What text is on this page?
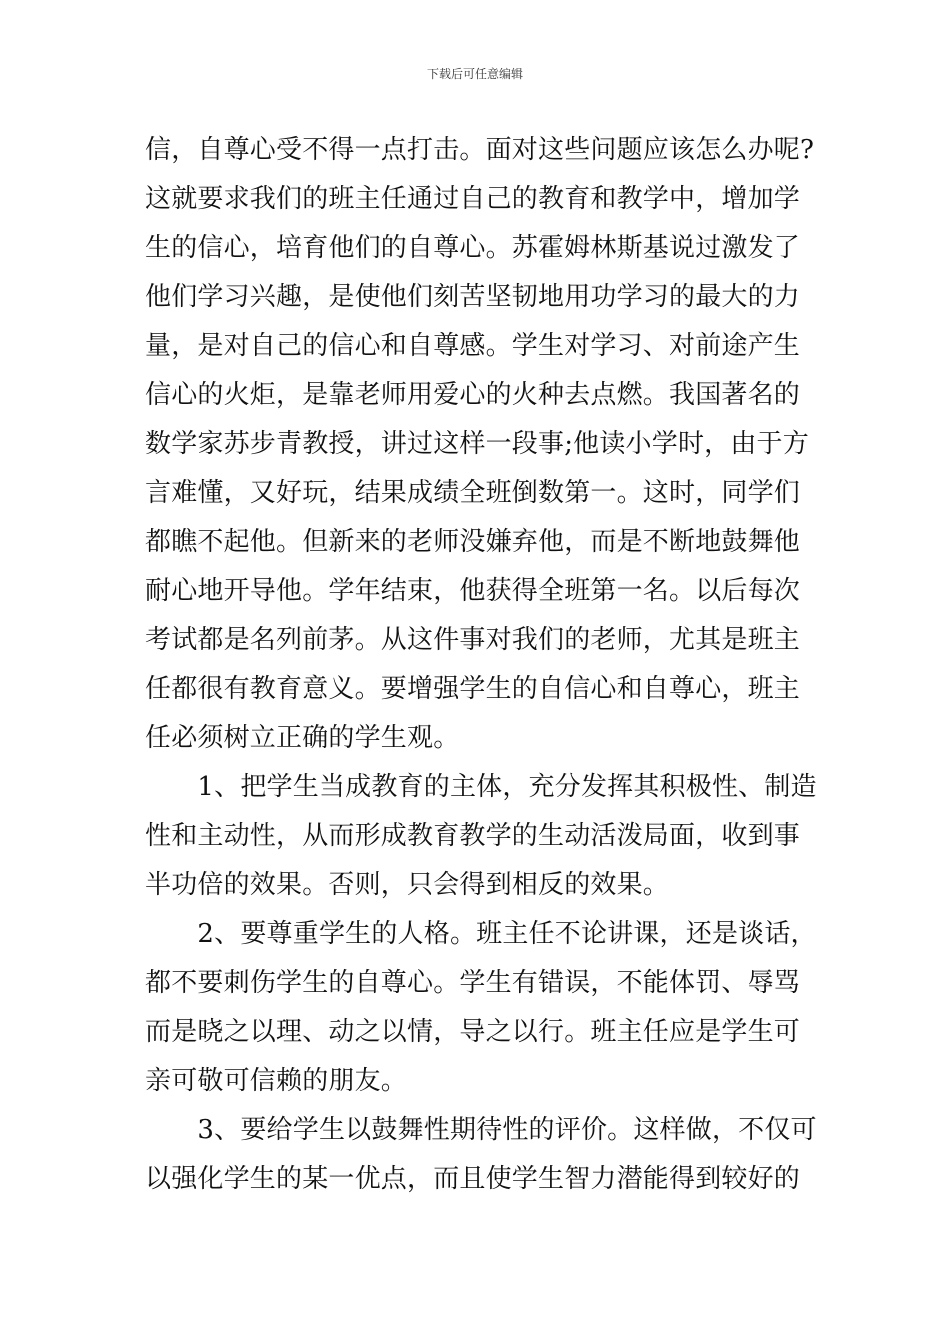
下载后可任意编辑
信，自尊心受不得一点打击。面对这些问题应该怎么办呢?
这就要求我们的班主任通过自己的教育和教学中，增加学
生的信心，培育他们的自尊心。苏霍姆林斯基说过激发了
他们学习兴趣，是使他们刻苦坚韧地用功学习的最大的力
量，是对自己的信心和自尊感。学生对学习、对前途产生
信心的火炬，是靠老师用爱心的火种去点燃。我国著名的
数学家苏步青教授，讲过这样一段事;他读小学时，由于方
言难懂，又好玩，结果成绩全班倒数第一。这时，同学们
都瞧不起他。但新来的老师没嫌弃他，而是不断地鼓舞他
耐心地开导他。学年结束，他获得全班第一名。以后每次
考试都是名列前茅。从这件事对我们的老师，尤其是班主
任都很有教育意义。要增强学生的自信心和自尊心，班主
任必须树立正确的学生观。
　　1、把学生当成教育的主体，充分发挥其积极性、制造
性和主动性，从而形成教育教学的生动活泼局面，收到事
半功倍的效果。否则，只会得到相反的效果。
　　2、要尊重学生的人格。班主任不论讲课，还是谈话，
都不要刺伤学生的自尊心。学生有错误，不能体罚、辱骂
而是晓之以理、动之以情，导之以行。班主任应是学生可
亲可敬可信赖的朋友。
　　3、要给学生以鼓舞性期待性的评价。这样做，不仅可
以强化学生的某一优点，而且使学生智力潜能得到较好的
